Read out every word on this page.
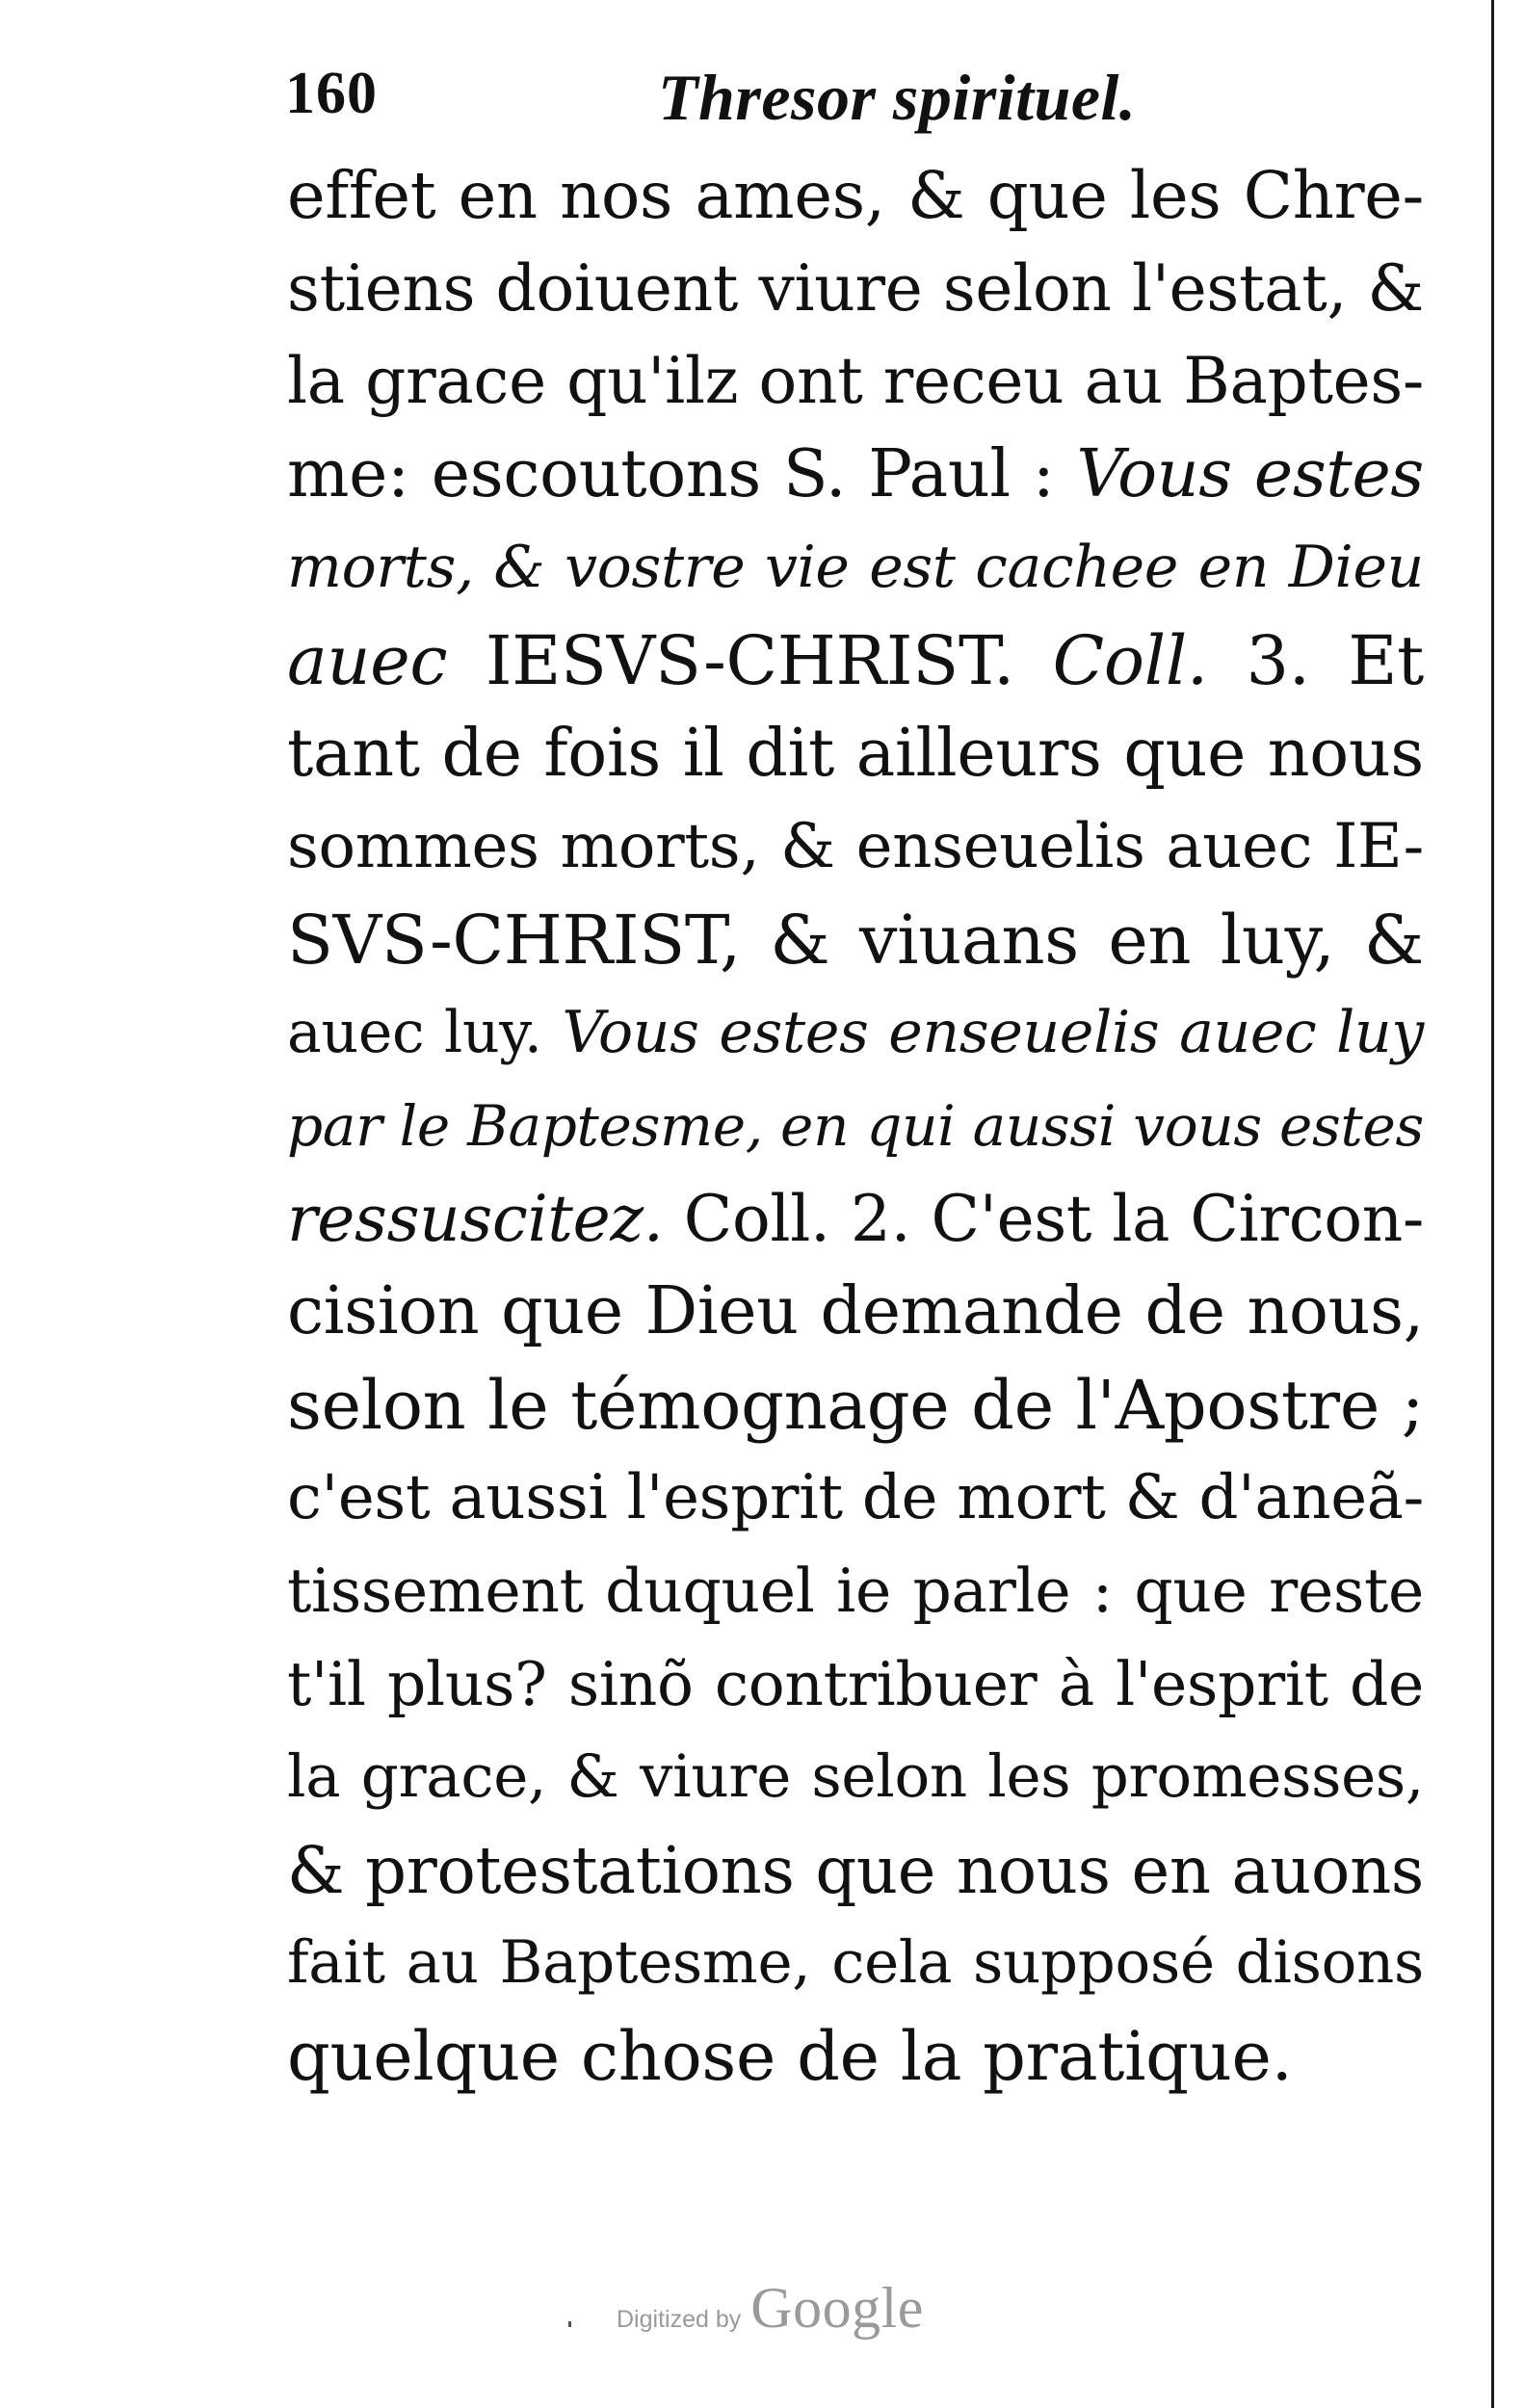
160	Thresor spirituel.
effet en nos ames, & que les Chre-
stiens doiuent viure selon l'estat, &
la grace qu'ilz ont receu au Baptes-
me: escoutons S. Paul : Vous estes
morts, & vostre vie est cachee en Dieu
auec IESVS-CHRIST. Coll. 3. Et
tant de fois il dit ailleurs que nous
sommes morts, & enseuelis auec IE-
SVS-CHRIST, & viuans en luy, &
auec luy. Vous estes enseuelis auec luy
par le Baptesme, en qui aussi vous estes
ressuscitez. Coll. 2. C'est la Circon-
cision que Dieu demande de nous,
selon le témognage de l'Apostre ;
c'est aussi l'esprit de mort & d'aneã-
tissement duquel ie parle : que reste
t'il plus? sinõ contribuer à l'esprit de
la grace, & viure selon les promesses,
& protestations que nous en auons
fait au Baptesme, cela supposé disons
quelque chose de la pratique.
Digitized by Google
